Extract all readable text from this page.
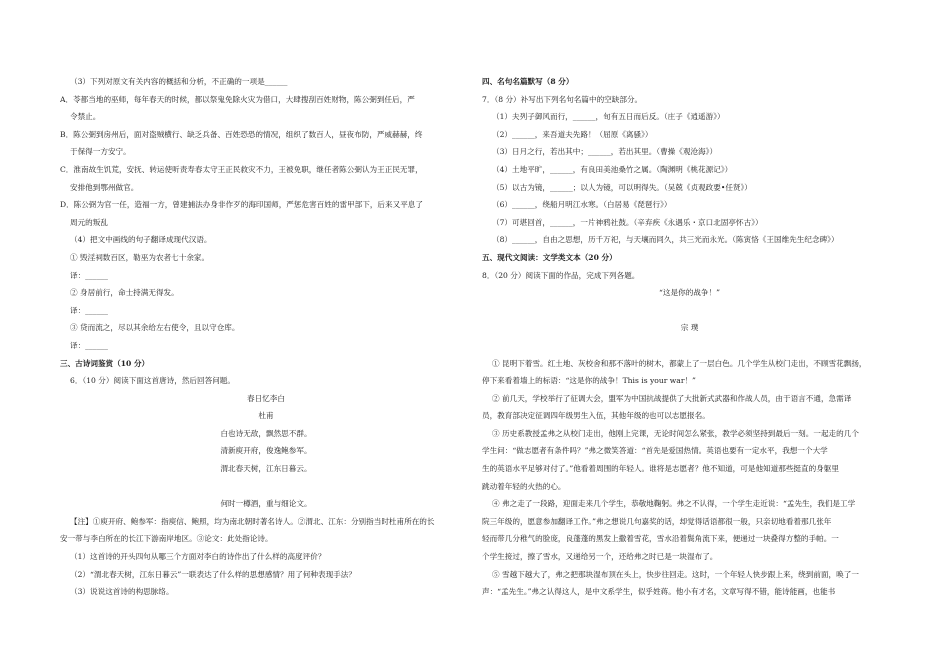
（3）下列对原文有关内容的概括和分析，不正确的一项是______
A．苓都当地的巫师，每年春天的时候，都以祭鬼免除火灾为借口，大肆搜刮百姓财物，陈公弼到任后，严
令禁止。
B．陈公弼到房州后，面对盗贼横行、缺乏兵备、百姓恐恐的情况，组织了数百人，昼夜布防，严威赫赫，终
于保得一方安宁。
C．淮南故生饥荒，安抚、转运使听责寿春太守王正民救灾不力，王被免职，继任者陈公弼认为王正民无罪，
安排他到鄂州做官。
D．陈公弼为官一任，造福一方，曾建捕法办身非作歹的海印国师，严惩危害百姓的雷甲部下，后来又平息了
周元的叛乱
（4）把文中画线的句子翻译成现代汉语。
① 毁淫祠数百区，勒巫为农者七十余家。
译：______
② 身居前行，命士持满无得发。
译：______
③ 贷而流之，尽以其余给左右使令，且以守仓库。
译：______
三、古诗词鉴赏（10 分）
6．（10 分）阅读下面这首唐诗，然后回答问题。
春日忆李白
杜甫
白也诗无敌，飘然思不群。
清新庾开府，俊逸鲍参军。
渭北春天树，江东日暮云。
何时一樽酒，重与细论文。
【注】①庾开府、鲍参军：指庾信、鲍照，均为南北朝时著名诗人。②渭北、江东：分别指当时杜甫所在的长
安一带与李白所在的长江下游南岸地区。③论文：此处指论诗。
（1）这首诗的开头四句从哪三个方面对李白的诗作出了什么样的高度评价？
（2）“渭北春天树，江东日暮云”一联表达了什么样的思想感情？用了何种表现手法？
（3）说说这首诗的构思脉络。
四、名句名篇默写（8 分）
7．（8 分）补写出下列名句名篇中的空缺部分。
（1）夫列子御风而行，______，旬有五日而后反。（庄子《逍遥游》）
（2）______，来吾道夫先路！（屈原《离骚》）
（3）日月之行，若出其中；______，若出其里。（曹操《观沧海》）
（4）土地平旷，______，有良田美池桑竹之属。（陶渊明《桃花源记》）
（5）以古为镜，______；以人为镜，可以明得失。（吴兢《贞观政要•任贤》）
（6）______，绕船月明江水寒。（白居易《琵琶行》）
（7）可堪回首，______，一片神鸦社鼓。（辛弃疾《永遇乐・京口北固亭怀古》）
（8）______，自由之思想，历千万祀，与天壤而同久，共三光而永光。（陈寅恪《王国维先生纪念碑》）
五、现代文阅读：文学类文本（20 分）
8．（20 分）阅读下面的作品，完成下列各题。
“这是你的战争！”
宗 璞
① 昆明下着雪。红土地、灰校舍和那不落叶的树木，都蒙上了一层白色。几个学生从校门走出，不顾雪花飘扬，
停下来看着墙上的标语：“这是你的战争！This is your war！”
② 前几天，学校举行了征调大会，盟军为中国抗战提供了大批新式武器和作战人员，由于语言不通，急需译
员，教育部决定征调四年级男生入伍，其他年级的也可以志愿报名。
③ 历史系教授孟弗之从校门走出，他刚上完课，无论时间怎么紧张，教学必须坚持到最后一刻。一起走的几个
学生问：“做志愿者有条件吗？”弗之微笑答道：“首先是爱国热情。英语也要有一定水平，我想一个大学
生的英语水平足够对付了。”他看着周围的年轻人。谁将是志愿者？他不知道，可是他知道那些挺直的身躯里
跳动着年轻的火热的心。
④ 弗之走了一段路，迎面走来几个学生，恭敬地鞠躬。弗之不认得，一个学生走近说：“孟先生，我们是工学
院三年级的，愿意参加翻译工作。”弗之想说几句嘉奖的话，却觉得话语都很一般，只亲切地看着那几张年
轻而带几分稚气的脸庞，良蓬蓬的黑发上撒着雪花，雪水沿着鬓角流下来，便递过一块叠得方整的手帕。一
个学生接过，擦了雪水，又递给另一个，还给弗之时已是一块湿布了。
⑤ 雪越下越大了，弗之把那块湿布顶在头上，快步往回走。这时，一个年轻人快步跟上来，绕到前面，唤了一
声：“孟先生。”弗之认得这人，是中文系学生，似乎姓蒋。他小有才名，文章写得不错，能诗能画，也能书
